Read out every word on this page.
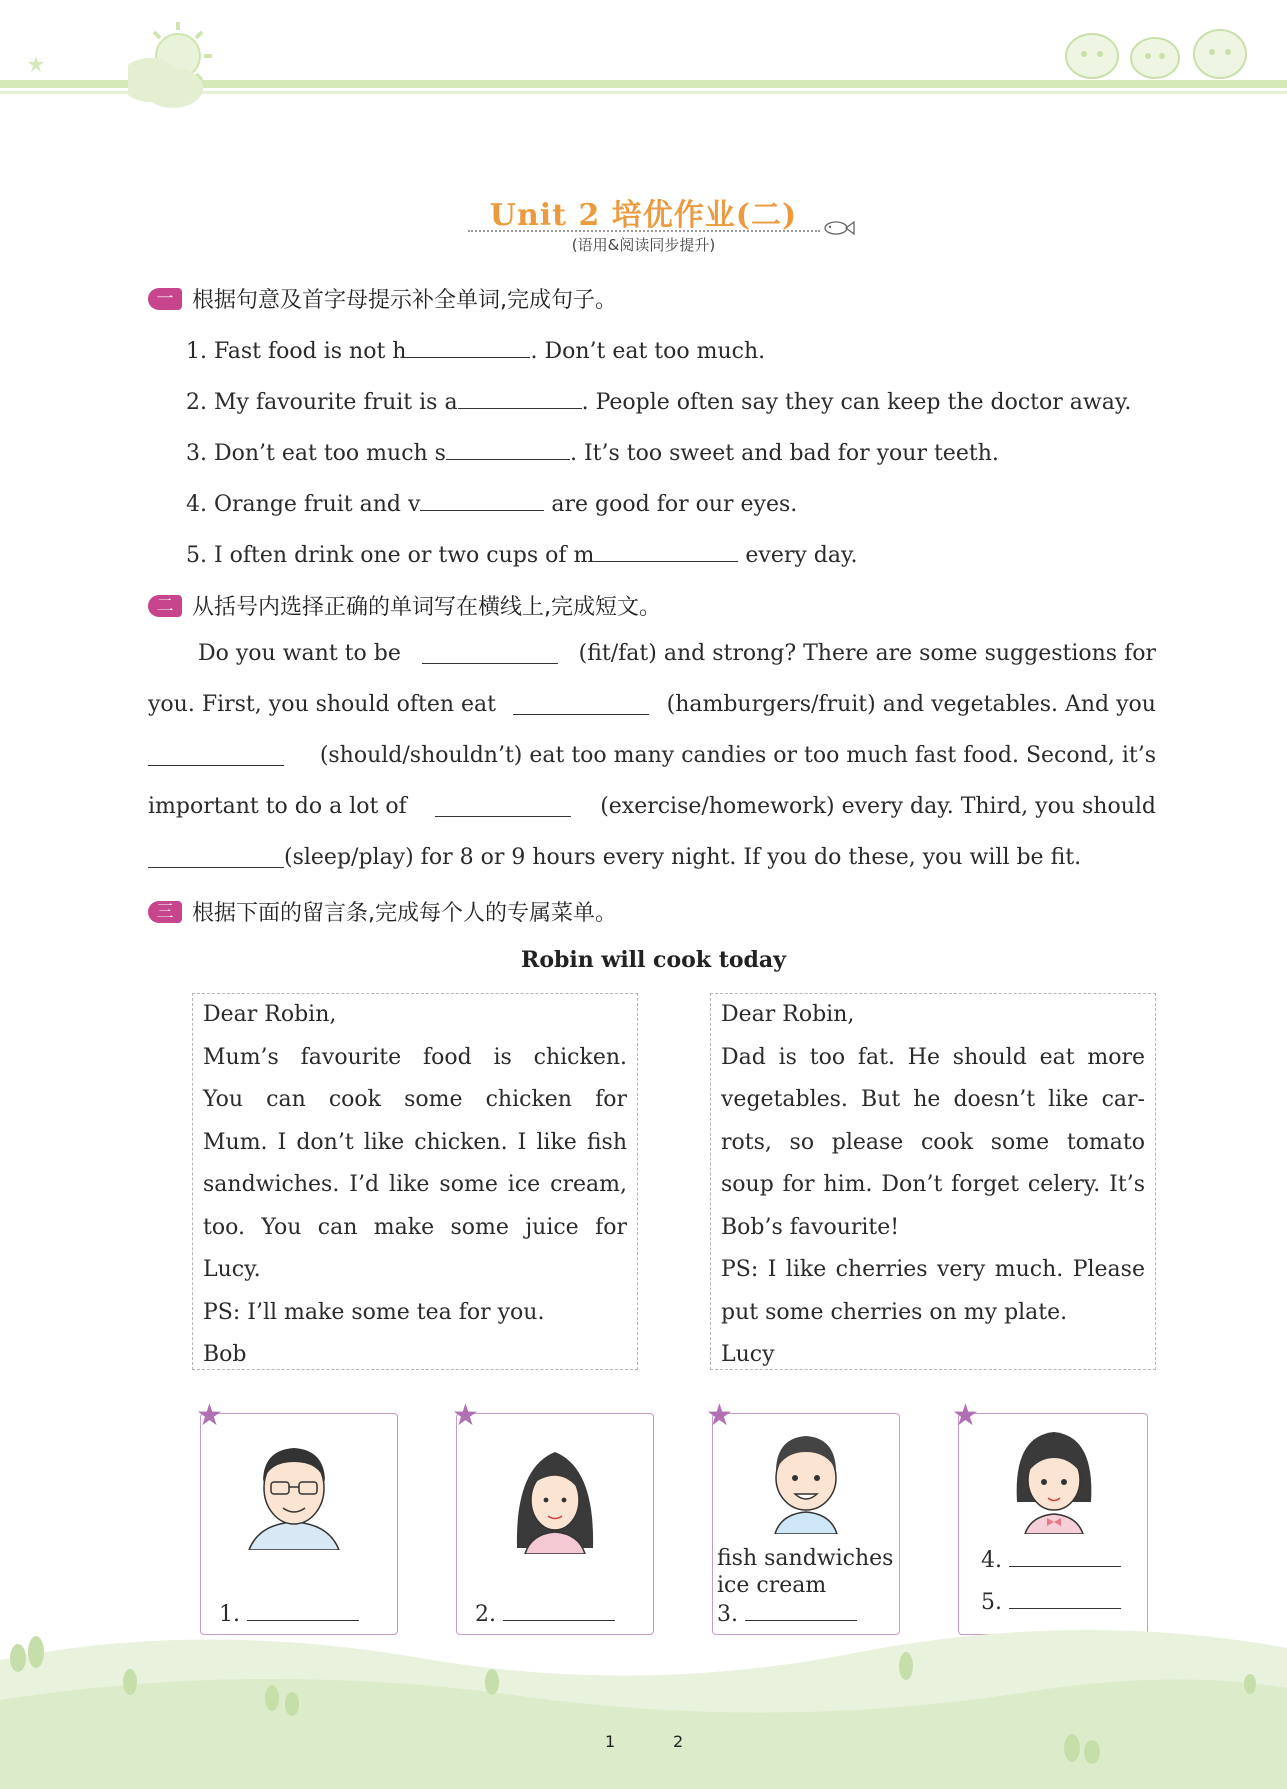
Unit 2 培优作业(二)
(语用&阅读同步提升)
一 根据句意及首字母提示补全单词,完成句子。
1. Fast food is not h	. Don’t eat too much.
2. My favourite fruit is a	. People often say they can keep the doctor away.
3. Don’t eat too much s	. It’s too sweet and bad for your teeth.
4. Orange fruit and v	are good for our eyes.
5. I often drink one or two cups of m	every day.
二 从括号内选择正确的单词写在横线上,完成短文。
Do you want to be	(fit/fat) and strong? There are some suggestions for
you. First, you should often eat	(hamburgers/fruit) and vegetables. And you
(should/shouldn’t) eat too many candies or too much fast food. Second, it’s
important to do a lot of	(exercise/homework) every day. Third, you should
(sleep/play) for 8 or 9 hours every night. If you do these, you will be fit.
三 根据下面的留言条,完成每个人的专属菜单。
Robin will cook today
Dear Robin,
Mum’s favourite food is chicken.
You can cook some chicken for
Mum. I don’t like chicken. I like fish
sandwiches. I’d like some ice cream,
too. You can make some juice for
Lucy.
PS: I’ll make some tea for you.
Bob
Dear Robin,
Dad is too fat. He should eat more
vegetables. But he doesn’t like car-
rots, so please cook some tomato
soup for him. Don’t forget celery. It’s
Bob’s favourite!
PS: I like cherries very much. Please
put some cherries on my plate.
Lucy
1.
★
2.
★
fish sandwiches
ice cream
3.
★
4.
5.
★
1	2
